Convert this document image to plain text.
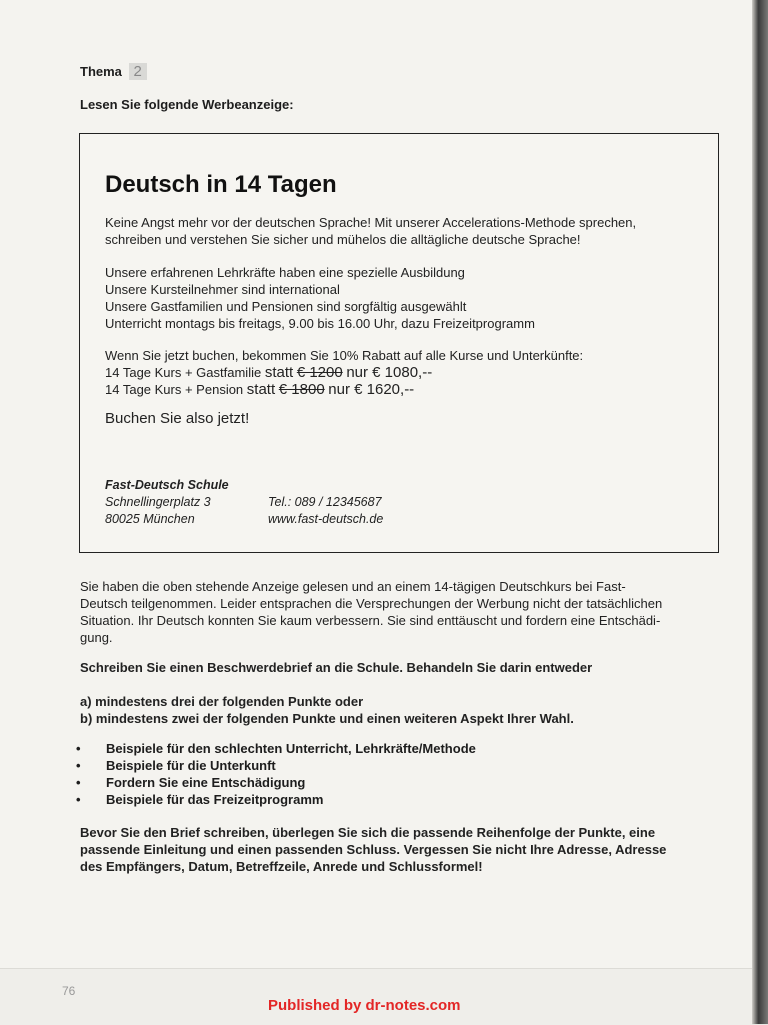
Thema 2
Lesen Sie folgende Werbeanzeige:
Deutsch in 14 Tagen
Keine Angst mehr vor der deutschen Sprache! Mit unserer Accelerations-Methode sprechen,
schreiben und verstehen Sie sicher und mühelos die alltägliche deutsche Sprache!
Unsere erfahrenen Lehrkräfte haben eine spezielle Ausbildung
Unsere Kursteilnehmer sind international
Unsere Gastfamilien und Pensionen sind sorgfältig ausgewählt
Unterricht montags bis freitags, 9.00 bis 16.00 Uhr, dazu Freizeitprogramm
Wenn Sie jetzt buchen, bekommen Sie 10% Rabatt auf alle Kurse und Unterkünfte:
14 Tage Kurs + Gastfamilie statt € 1200 nur € 1080,--
14 Tage Kurs + Pension statt € 1800 nur € 1620,--
Buchen Sie also jetzt!
Fast-Deutsch Schule
Schnellingerplatz 3
80025 München
Tel.: 089 / 12345687
www.fast-deutsch.de
Sie haben die oben stehende Anzeige gelesen und an einem 14-tägigen Deutschkurs bei Fast-
Deutsch teilgenommen. Leider entsprachen die Versprechungen der Werbung nicht der tatsächlichen
Situation. Ihr Deutsch konnten Sie kaum verbessern. Sie sind enttäuscht und fordern eine Entschädi-
gung.
Schreiben Sie einen Beschwerdebrief an die Schule. Behandeln Sie darin entweder
a) mindestens drei der folgenden Punkte oder
b) mindestens zwei der folgenden Punkte und einen weiteren Aspekt Ihrer Wahl.
•	Beispiele für den schlechten Unterricht, Lehrkräfte/Methode
•	Beispiele für die Unterkunft
•	Fordern Sie eine Entschädigung
•	Beispiele für das Freizeitprogramm
Bevor Sie den Brief schreiben, überlegen Sie sich die passende Reihenfolge der Punkte, eine
passende Einleitung und einen passenden Schluss. Vergessen Sie nicht Ihre Adresse, Adresse
des Empfängers, Datum, Betreffzeile, Anrede und Schlussformel!
76
Published by dr-notes.com
